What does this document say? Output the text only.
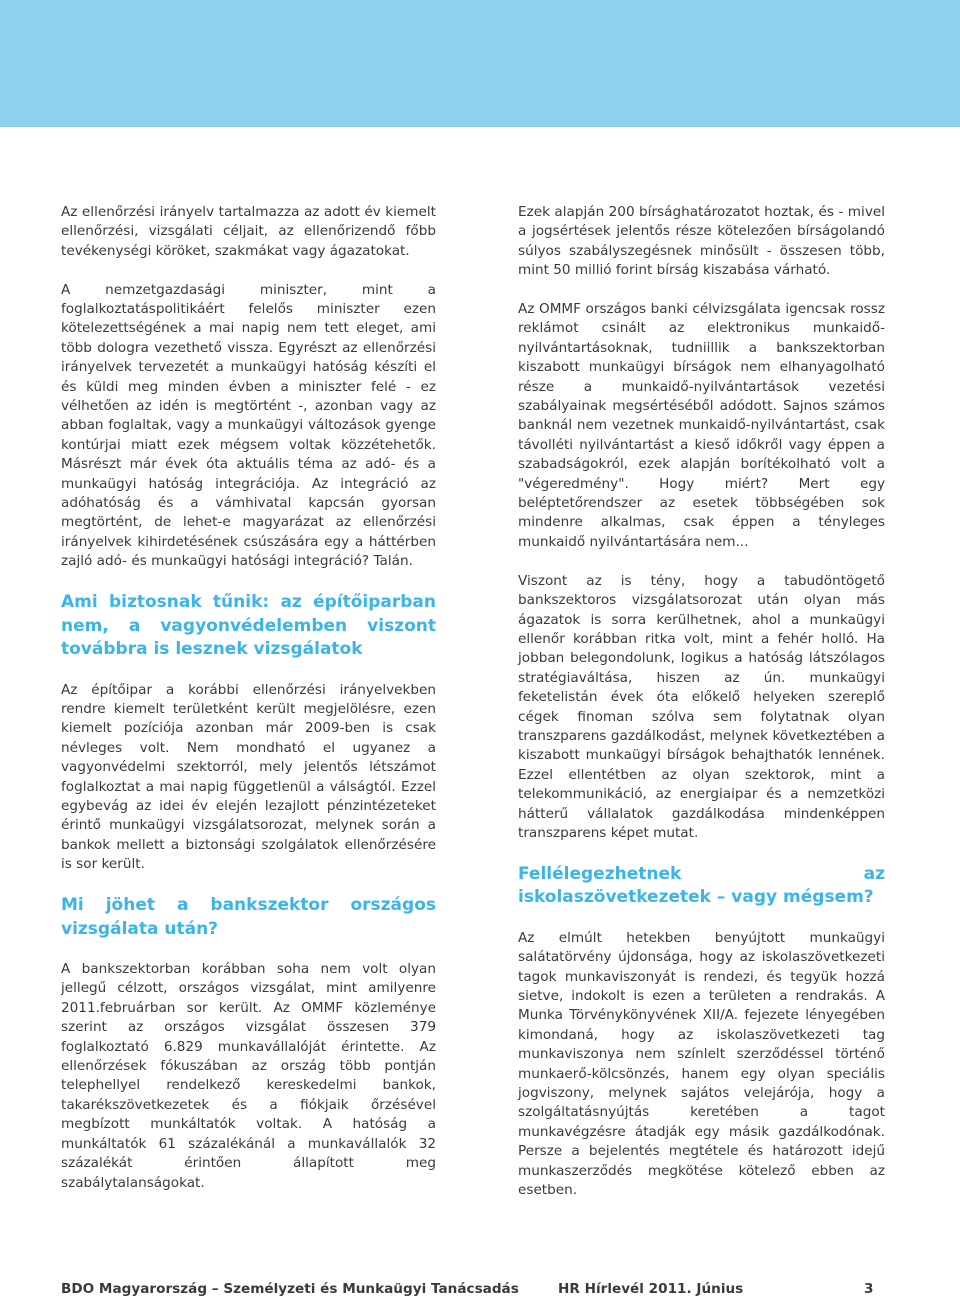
Az ellenőrzési irányelv tartalmazza az adott év kiemelt ellenőrzési, vizsgálati céljait, az ellenőrizendő főbb tevékenységi köröket, szakmákat vagy ágazatokat.

A nemzetgazdasági miniszter, mint a foglalkoztatáspolitikáért felelős miniszter ezen kötelezettségének a mai napig nem tett eleget, ami több dologra vezethető vissza. Egyrészt az ellenőrzési irányelvek tervezetét a munkaügyi hatóság készíti el és küldi meg minden évben a miniszter felé - ez vélhetően az idén is megtörtént -, azonban vagy az abban foglaltak, vagy a munkaügyi változások gyenge kontúrjai miatt ezek mégsem voltak közzétehetők. Másrészt már évek óta aktuális téma az adó- és a munkaügyi hatóság integrációja. Az integráció az adóhatóság és a vámhivatal kapcsán gyorsan megtörtént, de lehet-e magyarázat az ellenőrzési irányelvek kihirdetésének csúszására egy a háttérben zajló adó- és munkaügyi hatósági integráció? Talán.

Ami biztosnak tűnik: az építőiparban nem, a vagyonvédelemben viszont továbbra is lesznek vizsgálatok

Az építőipar a korábbi ellenőrzési irányelvekben rendre kiemelt területként került megjelölésre, ezen kiemelt pozíciója azonban már 2009-ben is csak névleges volt. Nem mondható el ugyanez a vagyonvédelmi szektorról, mely jelentős létszámot foglalkoztat a mai napig függetlenül a válságtól. Ezzel egybevág az idei év elején lezajlott pénzintézeteket érintő munkaügyi vizsgálatsorozat, melynek során a bankok mellett a biztonsági szolgálatok ellenőrzésére is sor került.

Mi jöhet a bankszektor országos vizsgálata után?

A bankszektorban korábban soha nem volt olyan jellegű célzott, országos vizsgálat, mint amilyenre 2011.februárban sor került. Az OMMF közleménye szerint az országos vizsgálat összesen 379 foglalkoztató 6.829 munkavállalóját érintette. Az ellenőrzések fókuszában az ország több pontján telephellyel rendelkező kereskedelmi bankok, takarékszövetkezetek és a fiókjaik őrzésével megbízott munkáltatók voltak. A hatóság a munkáltatók 61 százalékánál a munkavállalók 32 százalékát érintően állapított meg szabálytalanságokat.

Ezek alapján 200 bírsághatározatot hoztak, és - mivel a jogsértések jelentős része kötelezően bírságolandó súlyos szabályszegésnek minősült - összesen több, mint 50 millió forint bírság kiszabása várható.

Az OMMF országos banki célvizsgálata igencsak rossz reklámot csinált az elektronikus munkaidő-nyilvántartásoknak, tudniillik a bankszektorban kiszabott munkaügyi bírságok nem elhanyagolható része a munkaidő-nyilvántartások vezetési szabályainak megsértéséből adódott. Sajnos számos banknál nem vezetnek munkaidő-nyilvántartást, csak távolléti nyilvántartást a kieső időkről vagy éppen a szabadságokról, ezek alapján borítékolható volt a "végeredmény". Hogy miért? Mert egy beléptetőrendszer az esetek többségében sok mindenre alkalmas, csak éppen a tényleges munkaidő nyilvántartására nem...

Viszont az is tény, hogy a tabudöntögető bankszektoros vizsgálatsorozat után olyan más ágazatok is sorra kerülhetnek, ahol a munkaügyi ellenőr korábban ritka volt, mint a fehér holló. Ha jobban belegondolunk, logikus a hatóság látszólagos stratégiaváltása, hiszen az ún. munkaügyi feketelistán évek óta előkelő helyeken szereplő cégek finoman szólva sem folytatnak olyan transzparens gazdálkodást, melynek következtében a kiszabott munkaügyi bírságok behajthatók lennének. Ezzel ellentétben az olyan szektorok, mint a telekommunikáció, az energiaipar és a nemzetközi hátterű vállalatok gazdálkodása mindenképpen transzparens képet mutat.

Fellélegezhetnek az iskolaszövetkezetek – vagy mégsem?

Az elmúlt hetekben benyújtott munkaügyi salátatörvény újdonsága, hogy az iskolaszövetkezeti tagok munkaviszonyát is rendezi, és tegyük hozzá sietve, indokolt is ezen a területen a rendrakás. A Munka Törvénykönyvének XII/A. fejezete lényegében kimondaná, hogy az iskolaszövetkezeti tag munkaviszonya nem színlelt szerződéssel történő munkaerő-kölcsönzés, hanem egy olyan speciális jogviszony, melynek sajátos velejárója, hogy a szolgáltatásnyújtás keretében a tagot munkavégzésre átadják egy másik gazdálkodónak. Persze a bejelentés megtétele és határozott idejű munkaszerződés megkötése kötelező ebben az esetben.

BDO Magyarország – Személyzeti és Munkaügyi Tanácsadás	HR Hírlevél 2011. Június	3
